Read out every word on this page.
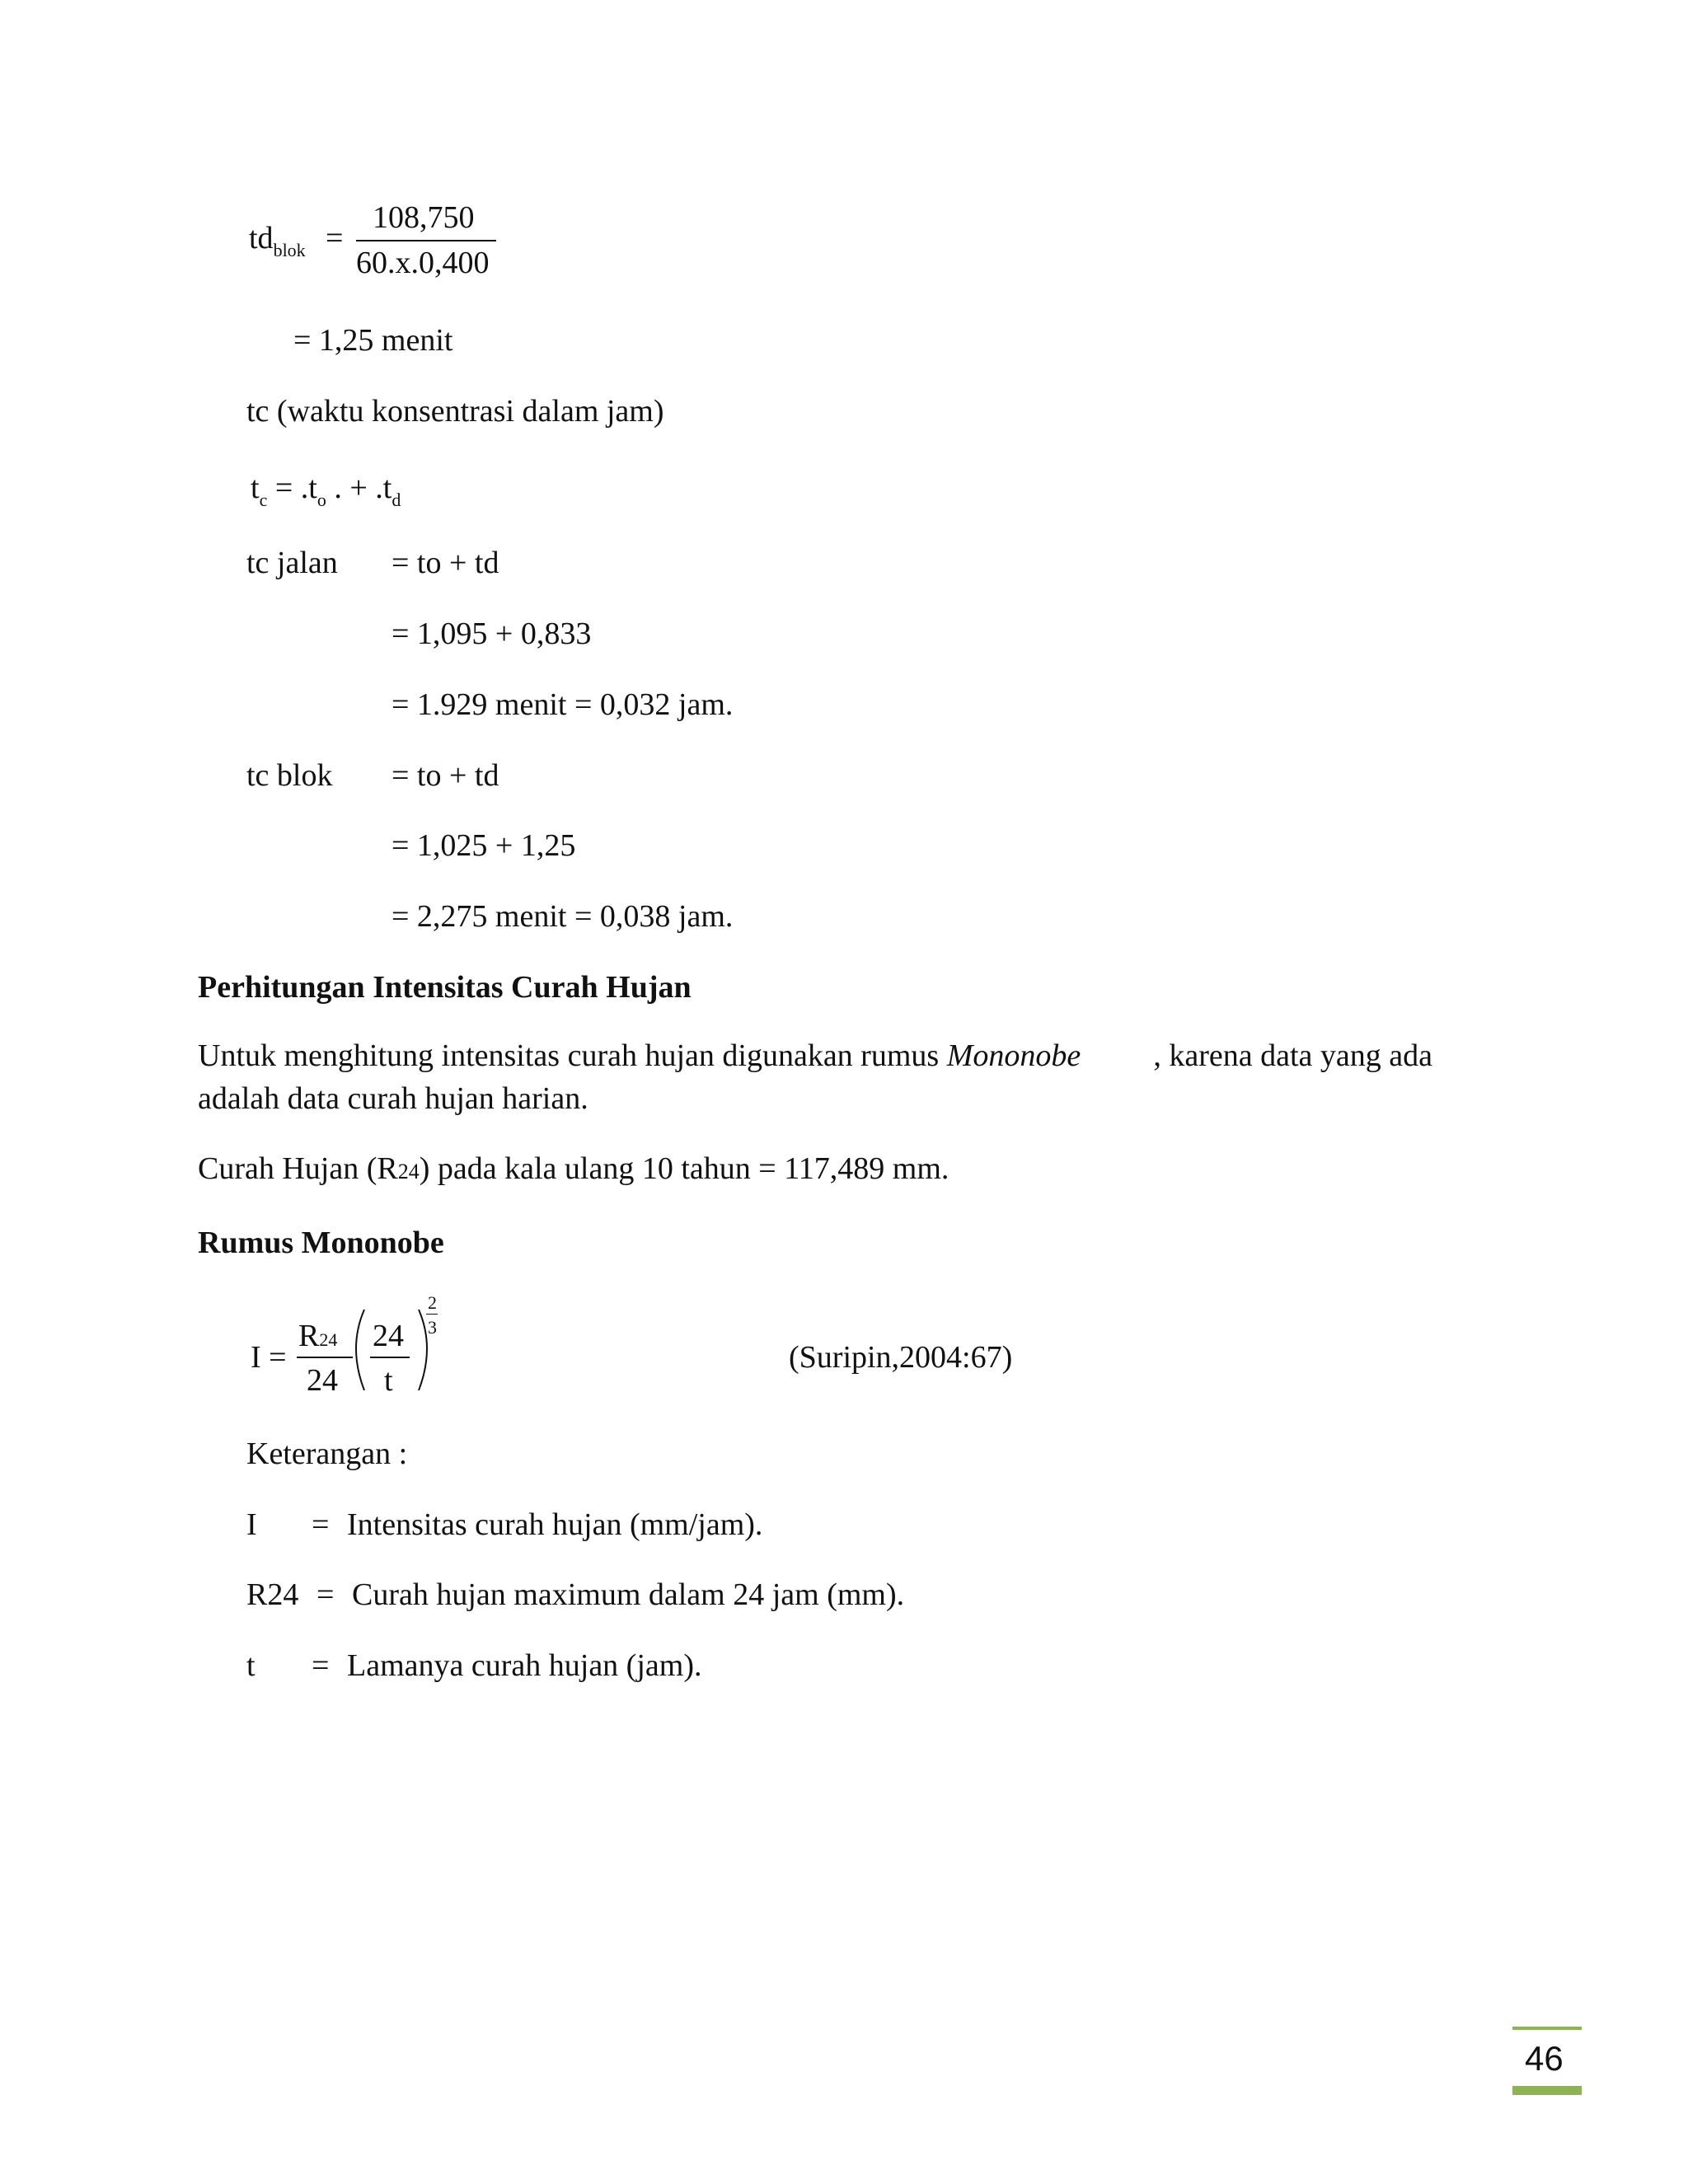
$td_{blok}$ =
108,750
60.x.0,400
= 1,25 menit
tc (waktu konsentrasi dalam jam)
$t_c = .t_o$ . + $.t_d$
tc jalan = to + td
= 1,095 + 0,833
= 1.929 menit = 0,032 jam.
tc blok = to + td
= 1,025 + 1,25
= 2,275 menit = 0,038 jam.
Perhitungan Intensitas Curah Hujan
Untuk menghitung intensitas curah hujan digunakan rumus Mononobe , karena data yang ada
adalah data curah hujan harian.
Curah Hujan (R24) pada kala ulang 10 tahun = 117,489 mm.
Rumus Mononobe
I =
R24
24
24
t
2
3
(Suripin,2004:67)
Keterangan :
I = Intensitas curah hujan (mm/jam).
R24 = Curah hujan maximum dalam 24 jam (mm).
t = Lamanya curah hujan (jam).
46
